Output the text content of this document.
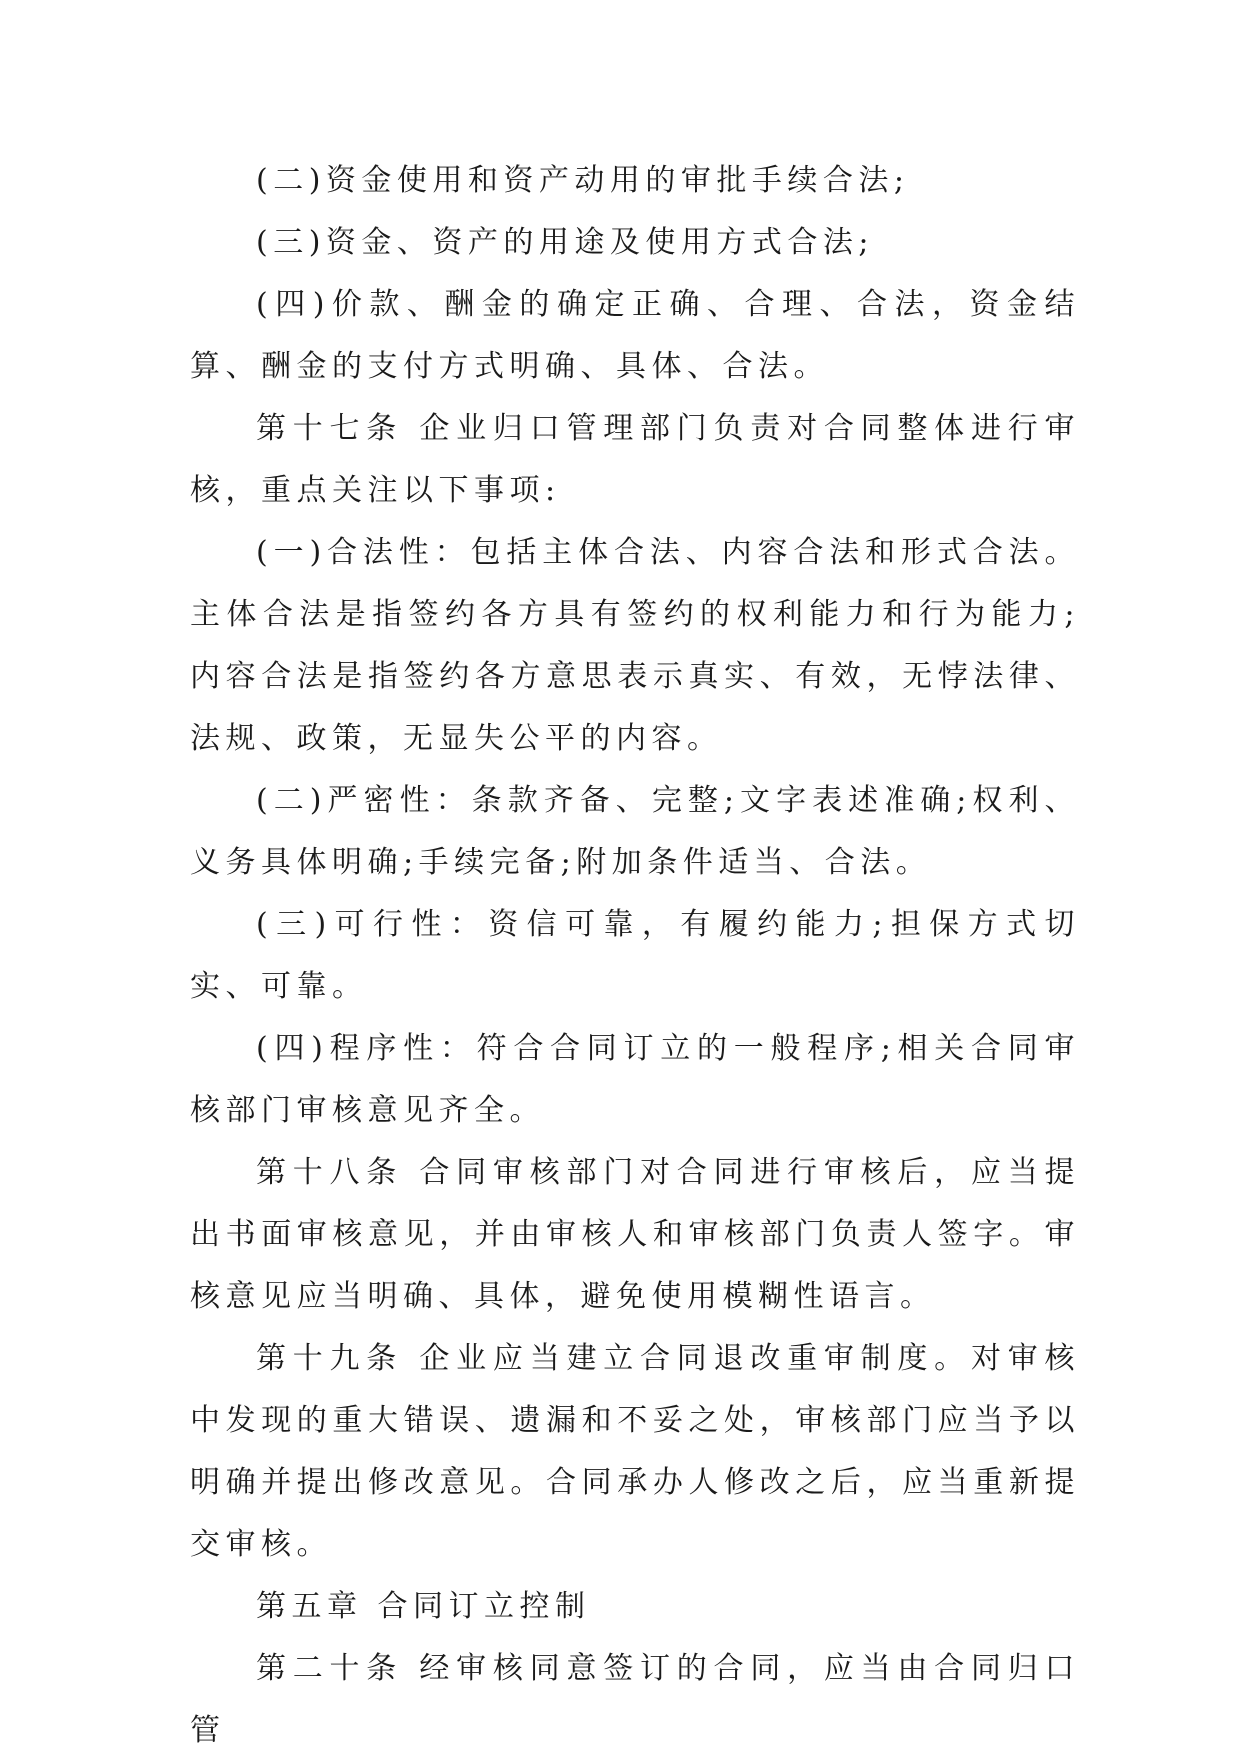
(二)资金使用和资产动用的审批手续合法;

(三)资金、资产的用途及使用方式合法;

(四)价款、酬金的确定正确、合理、合法，资金结算、酬金的支付方式明确、具体、合法。

第十七条 企业归口管理部门负责对合同整体进行审核，重点关注以下事项:

(一)合法性：包括主体合法、内容合法和形式合法。主体合法是指签约各方具有签约的权利能力和行为能力;内容合法是指签约各方意思表示真实、有效，无悖法律、法规、政策，无显失公平的内容。

(二)严密性：条款齐备、完整;文字表述准确;权利、义务具体明确;手续完备;附加条件适当、合法。

(三)可行性：资信可靠，有履约能力;担保方式切实、可靠。

(四)程序性：符合合同订立的一般程序;相关合同审核部门审核意见齐全。

第十八条 合同审核部门对合同进行审核后，应当提出书面审核意见，并由审核人和审核部门负责人签字。审核意见应当明确、具体，避免使用模糊性语言。

第十九条 企业应当建立合同退改重审制度。对审核中发现的重大错误、遗漏和不妥之处，审核部门应当予以明确并提出修改意见。合同承办人修改之后，应当重新提交审核。

第五章 合同订立控制

第二十条 经审核同意签订的合同，应当由合同归口管
